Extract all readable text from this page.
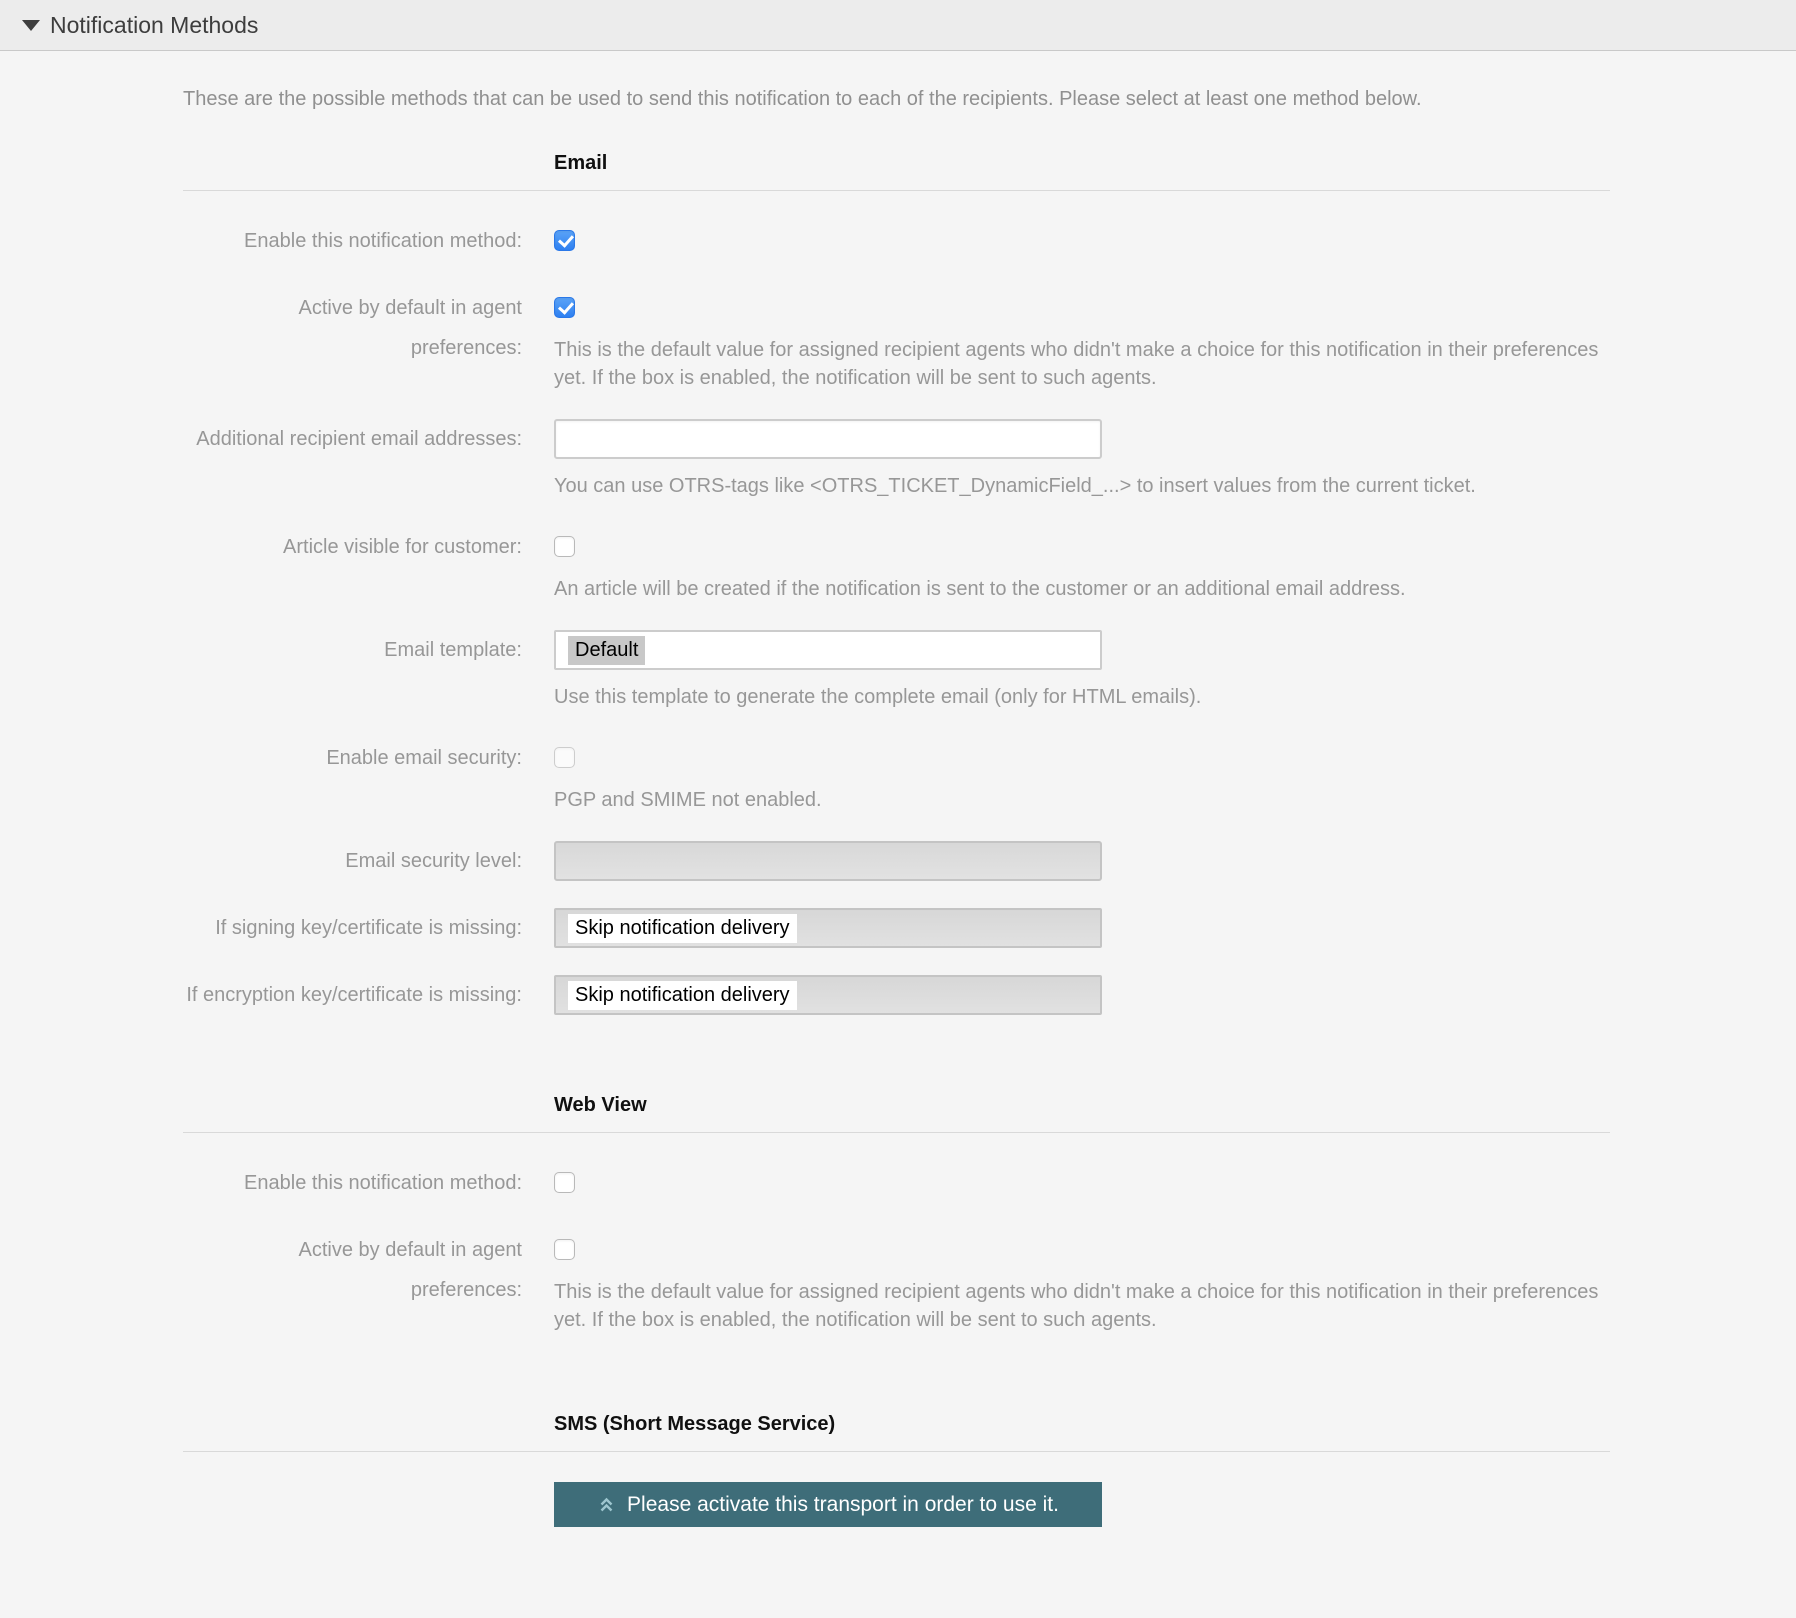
Notification Methods

These are the possible methods that can be used to send this notification to each of the recipients. Please select at least one method below.

Email
Enable this notification method:
Active by default in agent preferences: This is the default value for assigned recipient agents who didn't make a choice for this notification in their preferences yet. If the box is enabled, the notification will be sent to such agents.

Additional recipient email addresses:

You can use OTRS-tags like <OTRS_TICKET_DynamicField_...> to insert values from the current ticket.

Article visible for customer:

An article will be created if the notification is sent to the customer or an additional email address.

Email template:	Default

Use this template to generate the complete email (only for HTML emails).

Enable email security:

PGP and SMIME not enabled.

Email security level:
If signing key/certificate is missing:	Skip notification delivery
If encryption key/certificate is missing:	Skip notification delivery
Web View
Enable this notification method:
Active by default in agent preferences: This is the default value for assigned recipient agents who didn't make a choice for this notification in their preferences yet. If the box is enabled, the notification will be sent to such agents.

SMS (Short Message Service)
Please activate this transport in order to use it.
